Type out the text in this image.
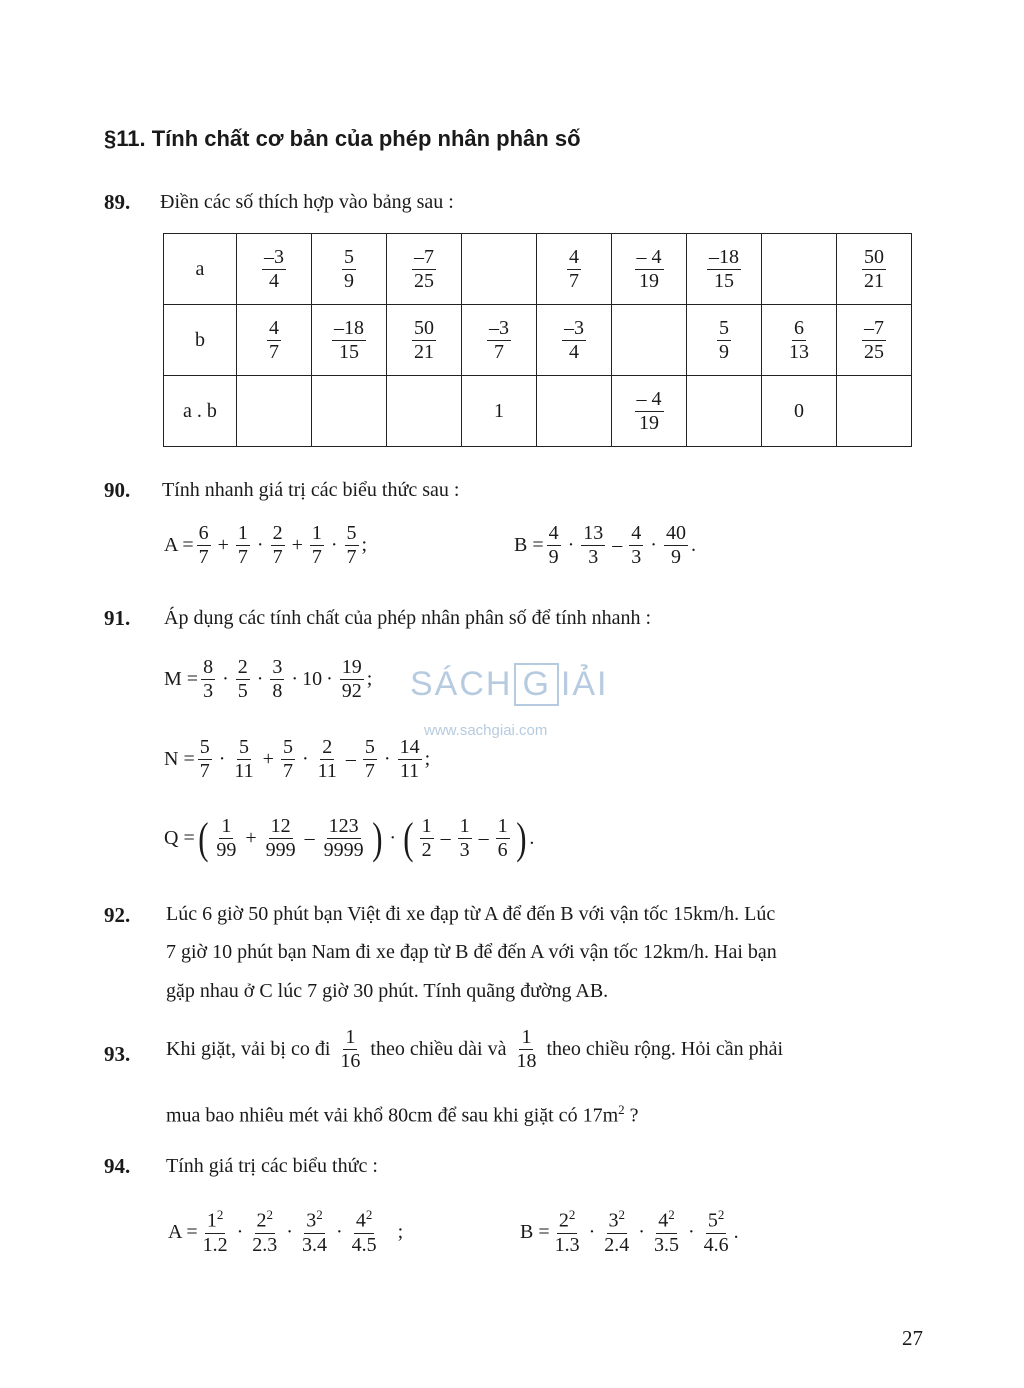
§11. Tính chất cơ bản của phép nhân phân số
89. Điền các số thích hợp vào bảng sau :
a	$\frac{-3}{4}$	$\frac{5}{9}$	$\frac{-7}{25}$		$\frac{4}{7}$	$\frac{- 4}{19}$	$\frac{-18}{15}$		$\frac{50}{21}$

b	$\frac{4}{7}$	$\frac{-18}{15}$	$\frac{50}{21}$	$\frac{-3}{7}$	$\frac{-3}{4}$		$\frac{5}{9}$	$\frac{6}{13}$	$\frac{-7}{25}$

a . b				1		$\frac{- 4}{19}$		0	
90. Tính nhanh giá trị các biểu thức sau :
$A = \frac{6}{7} + \frac{1}{7} \cdot \frac{2}{7} + \frac{1}{7} \cdot \frac{5}{7}$ ;	$B = \frac{4}{9} \cdot \frac{13}{3} - \frac{4}{3} \cdot \frac{40}{9}$ .
91. Áp dụng các tính chất của phép nhân phân số để tính nhanh :
$M = \frac{8}{3} \cdot \frac{2}{5} \cdot \frac{3}{8} \cdot 10 \cdot \frac{19}{92}$ ; SÁCH G IẢI
www.sachgiai.com
$N = \frac{5}{7} \cdot \frac{5}{11} + \frac{5}{7} \cdot \frac{2}{11} - \frac{5}{7} \cdot \frac{14}{11}$ ;
Q = ( $\frac{1}{99} + \frac{12}{999} - \frac{123}{9999}$ ) · ( $\frac{1}{2} - \frac{1}{3} - \frac{1}{6}$ ) .
92. Lúc 6 giờ 50 phút bạn Việt đi xe đạp từ A để đến B với vận tốc 15km/h. Lúc
7 giờ 10 phút bạn Nam đi xe đạp từ B để đến A với vận tốc 12km/h. Hai bạn
gặp nhau ở C lúc 7 giờ 30 phút. Tính quãng đường AB.
93. Khi giặt, vải bị co đi $\frac{1}{16}$ theo chiều dài và $\frac{1}{18}$ theo chiều rộng. Hỏi cần phải
mua bao nhiêu mét vải khổ 80cm để sau khi giặt có $17m^2$ ?
94. Tính giá trị các biểu thức :
$A = \frac{1^2}{1.2} \cdot \frac{2^2}{2.3} \cdot \frac{3^2}{3.4} \cdot \frac{4^2}{4.5}$ ;	$B = \frac{2^2}{1.3} \cdot \frac{3^2}{2.4} \cdot \frac{4^2}{3.5} \cdot \frac{5^2}{4.6}$ .
27
